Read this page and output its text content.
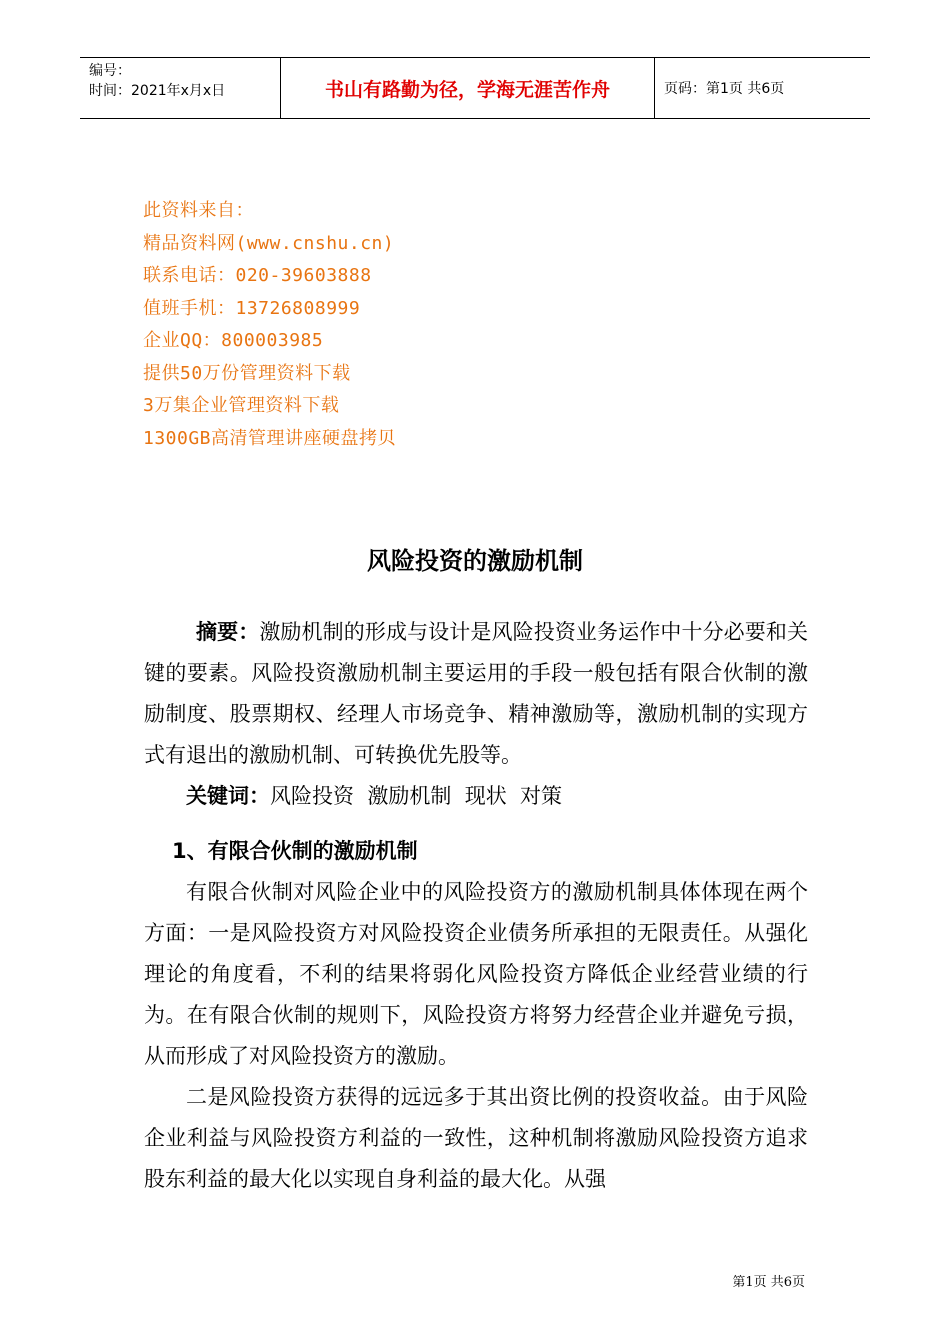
编号：
时间：2021年x月x日	书山有路勤为径，学海无涯苦作舟	页码：第1页 共6页
此资料来自：
精品资料网(www.cnshu.cn)
联系电话：020-39603888
值班手机：13726808999
企业QQ：800003985
提供50万份管理资料下载
3万集企业管理资料下载
1300GB高清管理讲座硬盘拷贝
风险投资的激励机制

摘要：激励机制的形成与设计是风险投资业务运作中十分必要和关键的要素。风险投资激励机制主要运用的手段一般包括有限合伙制的激励制度、股票期权、经理人市场竞争、精神激励等，激励机制的实现方式有退出的激励机制、可转换优先股等。

关键词：风险投资  激励机制  现状  对策

1、有限合伙制的激励机制

有限合伙制对风险企业中的风险投资方的激励机制具体体现在两个方面：一是风险投资方对风险投资企业债务所承担的无限责任。从强化理论的角度看，不利的结果将弱化风险投资方降低企业经营业绩的行为。在有限合伙制的规则下，风险投资方将努力经营企业并避免亏损，从而形成了对风险投资方的激励。

二是风险投资方获得的远远多于其出资比例的投资收益。由于风险企业利益与风险投资方利益的一致性，这种机制将激励风险投资方追求股东利益的最大化以实现自身利益的最大化。从强

第1页 共6页
